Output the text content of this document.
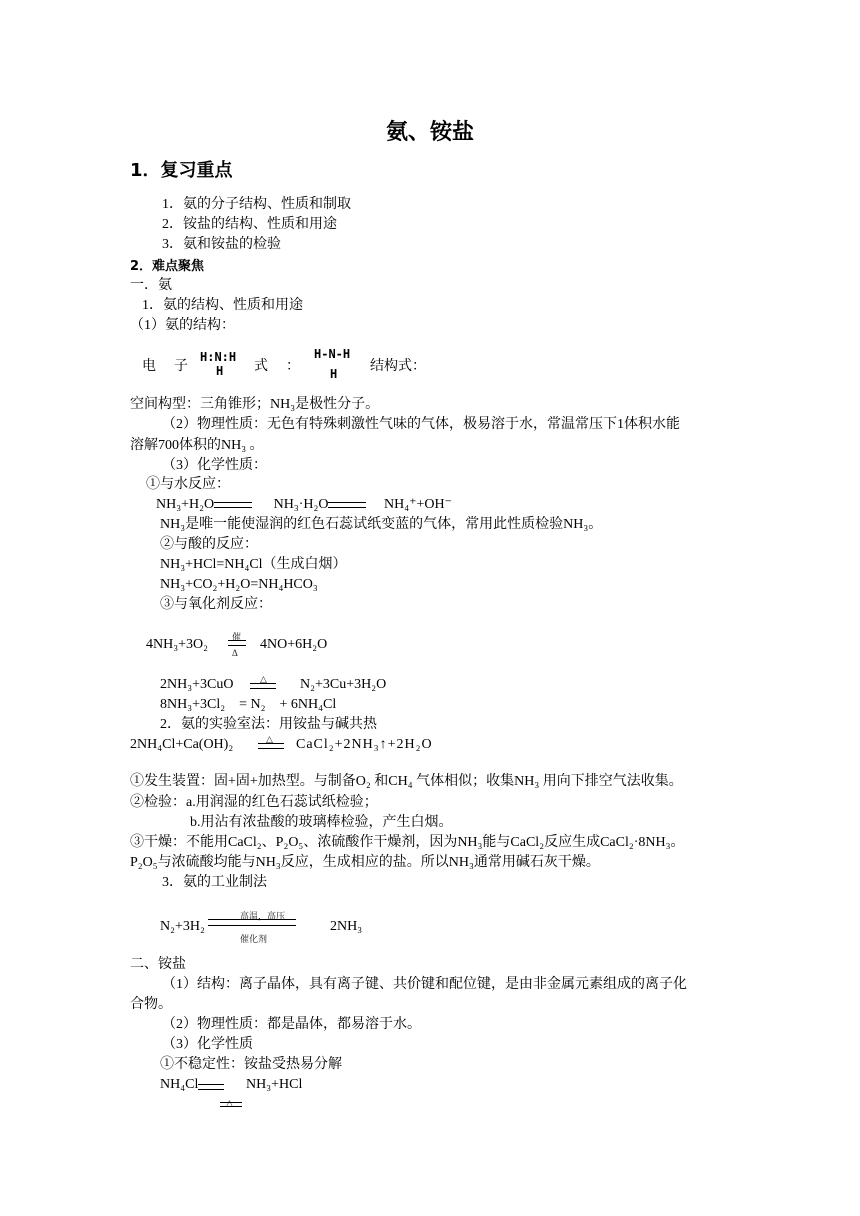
氨、铵盐
1．复习重点
1．氨的分子结构、性质和制取
2．铵盐的结构、性质和用途
3．氨和铵盐的检验
2．难点聚焦
一．氨
1．氨的结构、性质和用途
（1）氨的结构：
电 子
H:N:H
H 式 ：
H-N-H
H 结构式：
空间构型：三角锥形；NH₃是极性分子。
（2）物理性质：无色有特殊刺激性气味的气体，极易溶于水，常温常压下1体积水能
溶解700体积的NH₃ 。
（3）化学性质：
①与水反应：
NH₃+H₂O	NH₃·H₂O	NH₄⁺+OH⁻
NH₃是唯一能使湿润的红色石蕊试纸变蓝的气体，常用此性质检验NH₃。
②与酸的反应：
NH₃+HCl=NH₄Cl（生成白烟）
NH₃+CO₂+H₂O=NH₄HCO₃
③与氧化剂反应：
4NH₃+3O₂	催
Δ
4NO+6H₂O
2NH₃+3CuO	△ N₂+3Cu+3H₂O
8NH₃+3Cl₂　= N₂　+ 6NH₄Cl
2．氨的实验室法：用铵盐与碱共热
2NH₄Cl+Ca(OH)₂	△ CaCl₂+2NH₃↑+2H₂O
①发生装置：固+固+加热型。与制备O₂ 和CH₄ 气体相似；收集NH₃ 用向下排空气法收集。
②检验：a.用润湿的红色石蕊试纸检验；
b.用沾有浓盐酸的玻璃棒检验，产生白烟。
③干燥：不能用CaCl₂、P₂O₅、浓硫酸作干燥剂，因为NH₃能与CaCl₂反应生成CaCl₂·8NH₃。
P₂O₅与浓硫酸均能与NH₃反应，生成相应的盐。所以NH₃通常用碱石灰干燥。
3．氨的工业制法
高温，高压
催化剂
N₂+3H₂	2NH₃
二、铵盐
（1）结构：离子晶体，具有离子键、共价键和配位键，是由非金属元素组成的离子化
合物。
（2）物理性质：都是晶体，都易溶于水。
（3）化学性质
①不稳定性：铵盐受热易分解
NH₄Cl	NH₃+HCl
△
